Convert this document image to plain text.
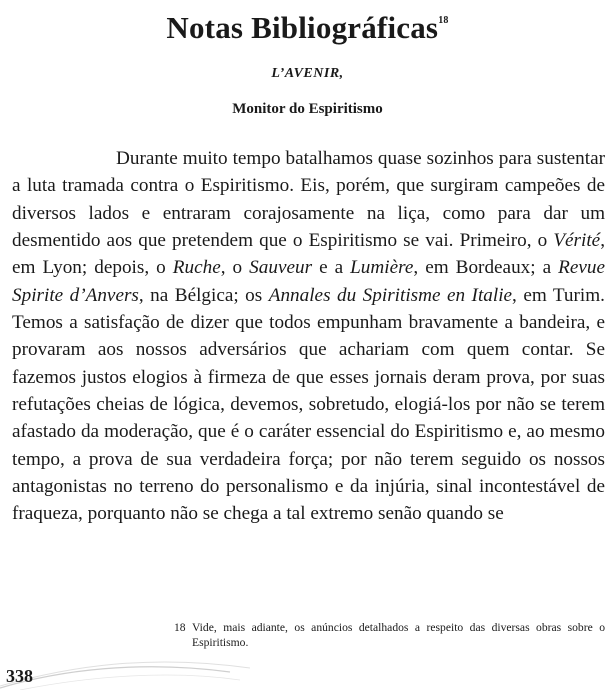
Notas Bibliográficas$^{18}$
L’AVENIR,
Monitor do Espiritismo

Durante muito tempo batalhamos quase sozinhos para sustentar a luta tramada contra o Espiritismo. Eis, porém, que surgiram campeões de diversos lados e entraram corajosamente na liça, como para dar um desmentido aos que pretendem que o Espiritismo se vai. Primeiro, o Vérité, em Lyon; depois, o Ruche, o Sauveur e a Lumière, em Bordeaux; a Revue Spirite d’Anvers, na Bélgica; os Annales du Spiritisme en Italie, em Turim. Temos a satisfação de dizer que todos empunham bravamente a bandeira, e provaram aos nossos adversários que achariam com quem contar. Se fazemos justos elogios à firmeza de que esses jornais deram prova, por suas refutações cheias de lógica, devemos, sobretudo, elogiá-los por não se terem afastado da moderação, que é o caráter essencial do Espiritismo e, ao mesmo tempo, a prova de sua verdadeira força; por não terem seguido os nossos antagonistas no terreno do personalismo e da injúria, sinal incontestável de fraqueza, porquanto não se chega a tal extremo senão quando se

18 Vide, mais adiante, os anúncios detalhados a respeito das diversas obras sobre o Espiritismo.
338
